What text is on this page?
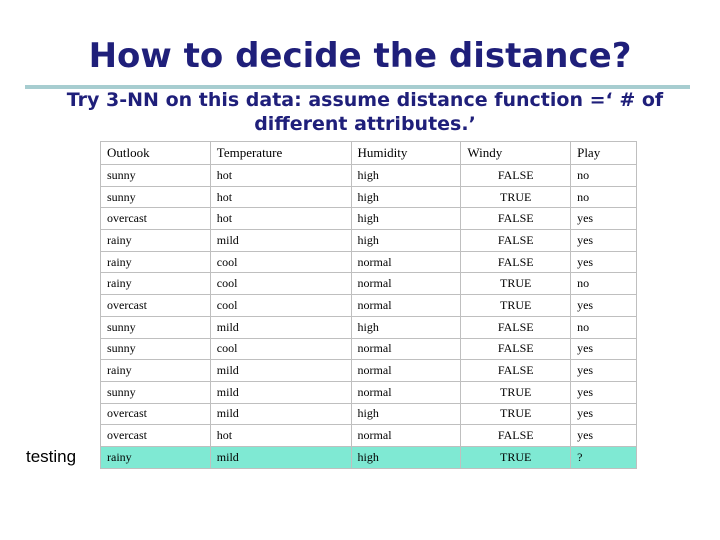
How to decide the distance?
Try 3-NN on this data: assume distance function =‘ # of
different attributes.’
testing
Outlook	Temperature	Humidity	Windy	Play
sunny	hot	high	FALSE	no
sunny	hot	high	TRUE	no
overcast	hot	high	FALSE	yes
rainy	mild	high	FALSE	yes
rainy	cool	normal	FALSE	yes
rainy	cool	normal	TRUE	no
overcast	cool	normal	TRUE	yes
sunny	mild	high	FALSE	no
sunny	cool	normal	FALSE	yes
rainy	mild	normal	FALSE	yes
sunny	mild	normal	TRUE	yes
overcast	mild	high	TRUE	yes
overcast	hot	normal	FALSE	yes
rainy	mild	high	TRUE	?
